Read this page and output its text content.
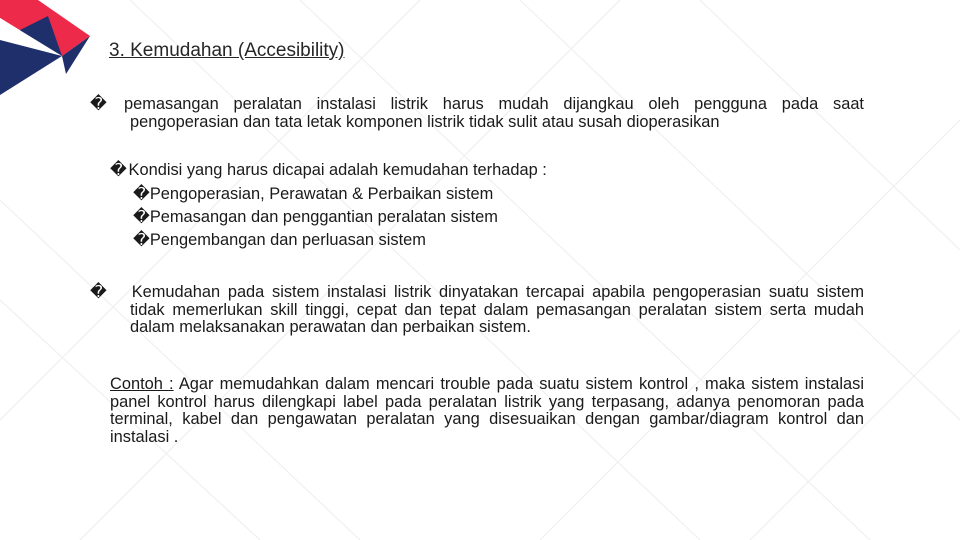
3. Kemudahan (Accesibility)

� pemasangan peralatan instalasi listrik harus mudah dijangkau oleh pengguna pada saat pengoperasian dan tata letak komponen listrik tidak sulit atau susah dioperasikan

� Kondisi yang harus dicapai adalah kemudahan terhadap :

�Pengoperasian, Perawatan & Perbaikan sistem

�Pemasangan dan penggantian peralatan sistem

�Pengembangan dan perluasan sistem

� Kemudahan pada sistem instalasi listrik dinyatakan tercapai apabila pengoperasian suatu sistem tidak memerlukan skill tinggi, cepat dan tepat dalam pemasangan peralatan sistem serta mudah dalam melaksanakan perawatan dan perbaikan sistem.

Contoh : Agar memudahkan dalam mencari trouble pada suatu sistem kontrol , maka sistem instalasi panel kontrol harus dilengkapi label pada peralatan listrik yang terpasang, adanya penomoran pada terminal, kabel dan pengawatan peralatan yang disesuaikan dengan gambar/diagram kontrol dan instalasi .
